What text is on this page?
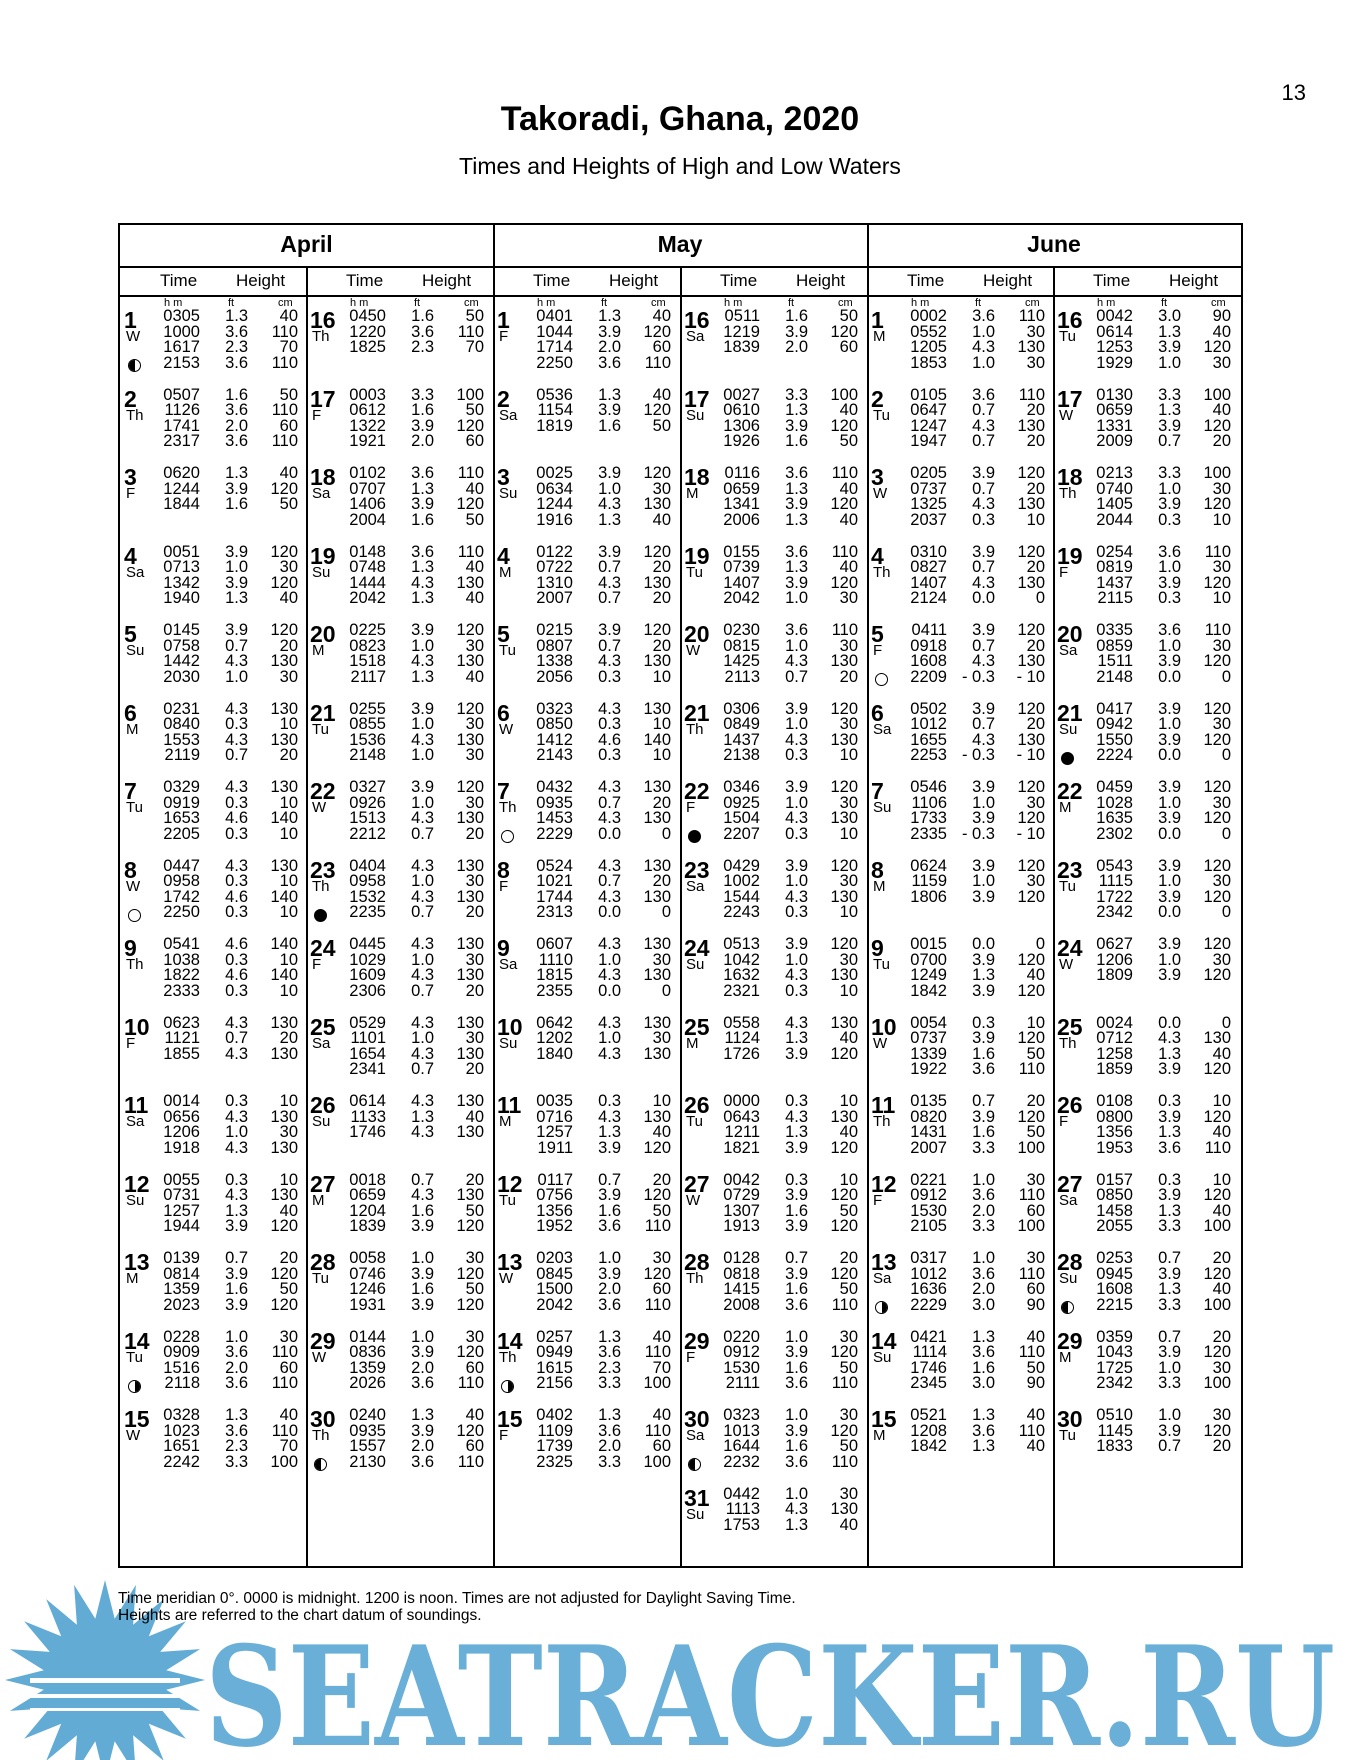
13
Takoradi, Ghana, 2020
Times and Heights of High and Low Waters
April	May	June
Time Height	Time Height	Time Height	Time Height	Time Height	Time Height
h m	ft	cm	h m	ft	cm	h m	ft	cm	h m	ft	cm	h m	ft	cm	h m	ft	cm
1
W
0305	1.3	40
1000	3.6	110
1617	2.3	70
2153	3.6	110
2
Th
0507	1.6	50
1126	3.6	110
1741	2.0	60
2317	3.6	110
3
F
0620	1.3	40
1244	3.9	120
1844	1.6	50
4
Sa
0051	3.9	120
0713	1.0	30
1342	3.9	120
1940	1.3	40
5
Su
0145	3.9	120
0758	0.7	20
1442	4.3	130
2030	1.0	30
6
M
0231	4.3	130
0840	0.3	10
1553	4.3	130
2119	0.7	20
7
Tu
0329	4.3	130
0919	0.3	10
1653	4.6	140
2205	0.3	10
8
W
0447	4.3	130
0958	0.3	10
1742	4.6	140
2250	0.3	10
9
Th
0541	4.6	140
1038	0.3	10
1822	4.6	140
2333	0.3	10
10
F
0623	4.3	130
1121	0.7	20
1855	4.3	130
11
Sa
0014	0.3	10
0656	4.3	130
1206	1.0	30
1918	4.3	130
12
Su
0055	0.3	10
0731	4.3	130
1257	1.3	40
1944	3.9	120
13
M
0139	0.7	20
0814	3.9	120
1359	1.6	50
2023	3.9	120
14
Tu
0228	1.0	30
0909	3.6	110
1516	2.0	60
2118	3.6	110
15
W
0328	1.3	40
1023	3.6	110
1651	2.3	70
2242	3.3	100
16
Th
0450	1.6	50
1220	3.6	110
1825	2.3	70
17
F
0003	3.3	100
0612	1.6	50
1322	3.9	120
1921	2.0	60
18
Sa
0102	3.6	110
0707	1.3	40
1406	3.9	120
2004	1.6	50
19
Su
0148	3.6	110
0748	1.3	40
1444	4.3	130
2042	1.3	40
20
M
0225	3.9	120
0823	1.0	30
1518	4.3	130
2117	1.3	40
21
Tu
0255	3.9	120
0855	1.0	30
1536	4.3	130
2148	1.0	30
22
W
0327	3.9	120
0926	1.0	30
1513	4.3	130
2212	0.7	20
23
Th
0404	4.3	130
0958	1.0	30
1532	4.3	130
2235	0.7	20
24
F
0445	4.3	130
1029	1.0	30
1609	4.3	130
2306	0.7	20
25
Sa
0529	4.3	130
1101	1.0	30
1654	4.3	130
2341	0.7	20
26
Su
0614	4.3	130
1133	1.3	40
1746	4.3	130
27
M
0018	0.7	20
0659	4.3	130
1204	1.6	50
1839	3.9	120
28
Tu
0058	1.0	30
0746	3.9	120
1246	1.6	50
1931	3.9	120
29
W
0144	1.0	30
0836	3.9	120
1359	2.0	60
2026	3.6	110
30
Th
0240	1.3	40
0935	3.9	120
1557	2.0	60
2130	3.6	110
1
F
0401	1.3	40
1044	3.9	120
1714	2.0	60
2250	3.6	110
2
Sa
0536	1.3	40
1154	3.9	120
1819	1.6	50
3
Su
0025	3.9	120
0634	1.0	30
1244	4.3	130
1916	1.3	40
4
M
0122	3.9	120
0722	0.7	20
1310	4.3	130
2007	0.7	20
5
Tu
0215	3.9	120
0807	0.7	20
1338	4.3	130
2056	0.3	10
6
W
0323	4.3	130
0850	0.3	10
1412	4.6	140
2143	0.3	10
7
Th
0432	4.3	130
0935	0.7	20
1453	4.3	130
2229	0.0	0
8
F
0524	4.3	130
1021	0.7	20
1744	4.3	130
2313	0.0	0
9
Sa
0607	4.3	130
1110	1.0	30
1815	4.3	130
2355	0.0	0
10
Su
0642	4.3	130
1202	1.0	30
1840	4.3	130
11
M
0035	0.3	10
0716	4.3	130
1257	1.3	40
1911	3.9	120
12
Tu
0117	0.7	20
0756	3.9	120
1356	1.6	50
1952	3.6	110
13
W
0203	1.0	30
0845	3.9	120
1500	2.0	60
2042	3.6	110
14
Th
0257	1.3	40
0949	3.6	110
1615	2.3	70
2156	3.3	100
15
F
0402	1.3	40
1109	3.6	110
1739	2.0	60
2325	3.3	100
16
Sa
0511	1.6	50
1219	3.9	120
1839	2.0	60
17
Su
0027	3.3	100
0610	1.3	40
1306	3.9	120
1926	1.6	50
18
M
0116	3.6	110
0659	1.3	40
1341	3.9	120
2006	1.3	40
19
Tu
0155	3.6	110
0739	1.3	40
1407	3.9	120
2042	1.0	30
20
W
0230	3.6	110
0815	1.0	30
1425	4.3	130
2113	0.7	20
21
Th
0306	3.9	120
0849	1.0	30
1437	4.3	130
2138	0.3	10
22
F
0346	3.9	120
0925	1.0	30
1504	4.3	130
2207	0.3	10
23
Sa
0429	3.9	120
1002	1.0	30
1544	4.3	130
2243	0.3	10
24
Su
0513	3.9	120
1042	1.0	30
1632	4.3	130
2321	0.3	10
25
M
0558	4.3	130
1124	1.3	40
1726	3.9	120
26
Tu
0000	0.3	10
0643	4.3	130
1211	1.3	40
1821	3.9	120
27
W
0042	0.3	10
0729	3.9	120
1307	1.6	50
1913	3.9	120
28
Th
0128	0.7	20
0818	3.9	120
1415	1.6	50
2008	3.6	110
29
F
0220	1.0	30
0912	3.9	120
1530	1.6	50
2111	3.6	110
30
Sa
0323	1.0	30
1013	3.9	120
1644	1.6	50
2232	3.6	110
31
Su
0442	1.0	30
1113	4.3	130
1753	1.3	40
1
M
0002	3.6	110
0552	1.0	30
1205	4.3	130
1853	1.0	30
2
Tu
0105	3.6	110
0647	0.7	20
1247	4.3	130
1947	0.7	20
3
W
0205	3.9	120
0737	0.7	20
1325	4.3	130
2037	0.3	10
4
Th
0310	3.9	120
0827	0.7	20
1407	4.3	130
2124	0.0	0
5
F
0411	3.9	120
0918	0.7	20
1608	4.3	130
2209 - 0.3	- 10
6
Sa
0502	3.9	120
1012	0.7	20
1655	4.3	130
2253 - 0.3	- 10
7
Su
0546	3.9	120
1106	1.0	30
1733	3.9	120
2335 - 0.3	- 10
8
M
0624	3.9	120
1159	1.0	30
1806	3.9	120
9
Tu
0015	0.0	0
0700	3.9	120
1249	1.3	40
1842	3.9	120
10
W
0054	0.3	10
0737	3.9	120
1339	1.6	50
1922	3.6	110
11
Th
0135	0.7	20
0820	3.9	120
1431	1.6	50
2007	3.3	100
12
F
0221	1.0	30
0912	3.6	110
1530	2.0	60
2105	3.3	100
13
Sa
0317	1.0	30
1012	3.6	110
1636	2.0	60
2229	3.0	90
14
Su
0421	1.3	40
1114	3.6	110
1746	1.6	50
2345	3.0	90
15
M
0521	1.3	40
1208	3.6	110
1842	1.3	40
16
Tu
0042	3.0	90
0614	1.3	40
1253	3.9	120
1929	1.0	30
17
W
0130	3.3	100
0659	1.3	40
1331	3.9	120
2009	0.7	20
18
Th
0213	3.3	100
0740	1.0	30
1405	3.9	120
2044	0.3	10
19
F
0254	3.6	110
0819	1.0	30
1437	3.9	120
2115	0.3	10
20
Sa
0335	3.6	110
0859	1.0	30
1511	3.9	120
2148	0.0	0
21
Su
0417	3.9	120
0942	1.0	30
1550	3.9	120
2224	0.0	0
22
M
0459	3.9	120
1028	1.0	30
1635	3.9	120
2302	0.0	0
23
Tu
0543	3.9	120
1115	1.0	30
1722	3.9	120
2342	0.0	0
24
W
0627	3.9	120
1206	1.0	30
1809	3.9	120
25
Th
0024	0.0	0
0712	4.3	130
1258	1.3	40
1859	3.9	120
26
F
0108	0.3	10
0800	3.9	120
1356	1.3	40
1953	3.6	110
27
Sa
0157	0.3	10
0850	3.9	120
1458	1.3	40
2055	3.3	100
28
Su
0253	0.7	20
0945	3.9	120
1608	1.3	40
2215	3.3	100
29
M
0359	0.7	20
1043	3.9	120
1725	1.0	30
2342	3.3	100
30
Tu
0510	1.0	30
1145	3.9	120
1833	0.7	20
Time meridian 0°. 0000 is midnight. 1200 is noon. Times are not adjusted for Daylight Saving Time.
Heights are referred to the chart datum of soundings.
SEATRACKER.RU
